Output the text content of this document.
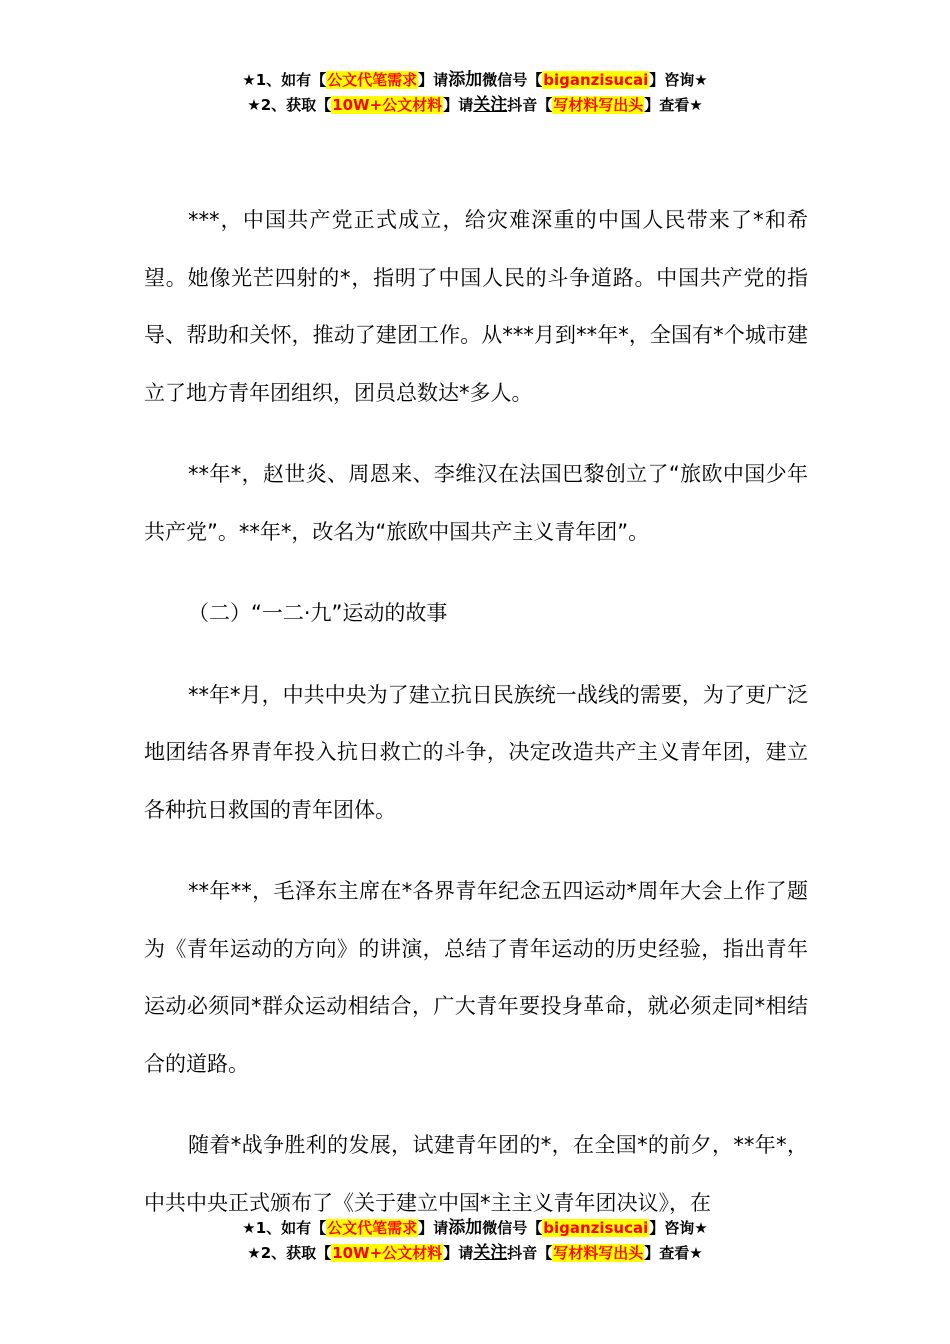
★1、如有【公文代笔需求】请添加微信号【biganzisucai】咨询★
★2、获取【10W+公文材料】请关注抖音【写材料写出头】查看★

***，中国共产党正式成立，给灾难深重的中国人民带来了*和希望。她像光芒四射的*，指明了中国人民的斗争道路。中国共产党的指导、帮助和关怀，推动了建团工作。从***月到**年*，全国有*个城市建立了地方青年团组织，团员总数达*多人。

**年*，赵世炎、周恩来、李维汉在法国巴黎创立了“旅欧中国少年共产党”。**年*，改名为“旅欧中国共产主义青年团”。

（二）“一二·九”运动的故事

**年*月，中共中央为了建立抗日民族统一战线的需要，为了更广泛地团结各界青年投入抗日救亡的斗争，决定改造共产主义青年团，建立各种抗日救国的青年团体。

**年**，毛泽东主席在*各界青年纪念五四运动*周年大会上作了题为《青年运动的方向》的讲演，总结了青年运动的历史经验，指出青年运动必须同*群众运动相结合，广大青年要投身革命，就必须走同*相结合的道路。

随着*战争胜利的发展，试建青年团的*，在全国*的前夕，**年*，中共中央正式颁布了《关于建立中国*主主义青年团决议》，在

★1、如有【公文代笔需求】请添加微信号【biganzisucai】咨询★
★2、获取【10W+公文材料】请关注抖音【写材料写出头】查看★
